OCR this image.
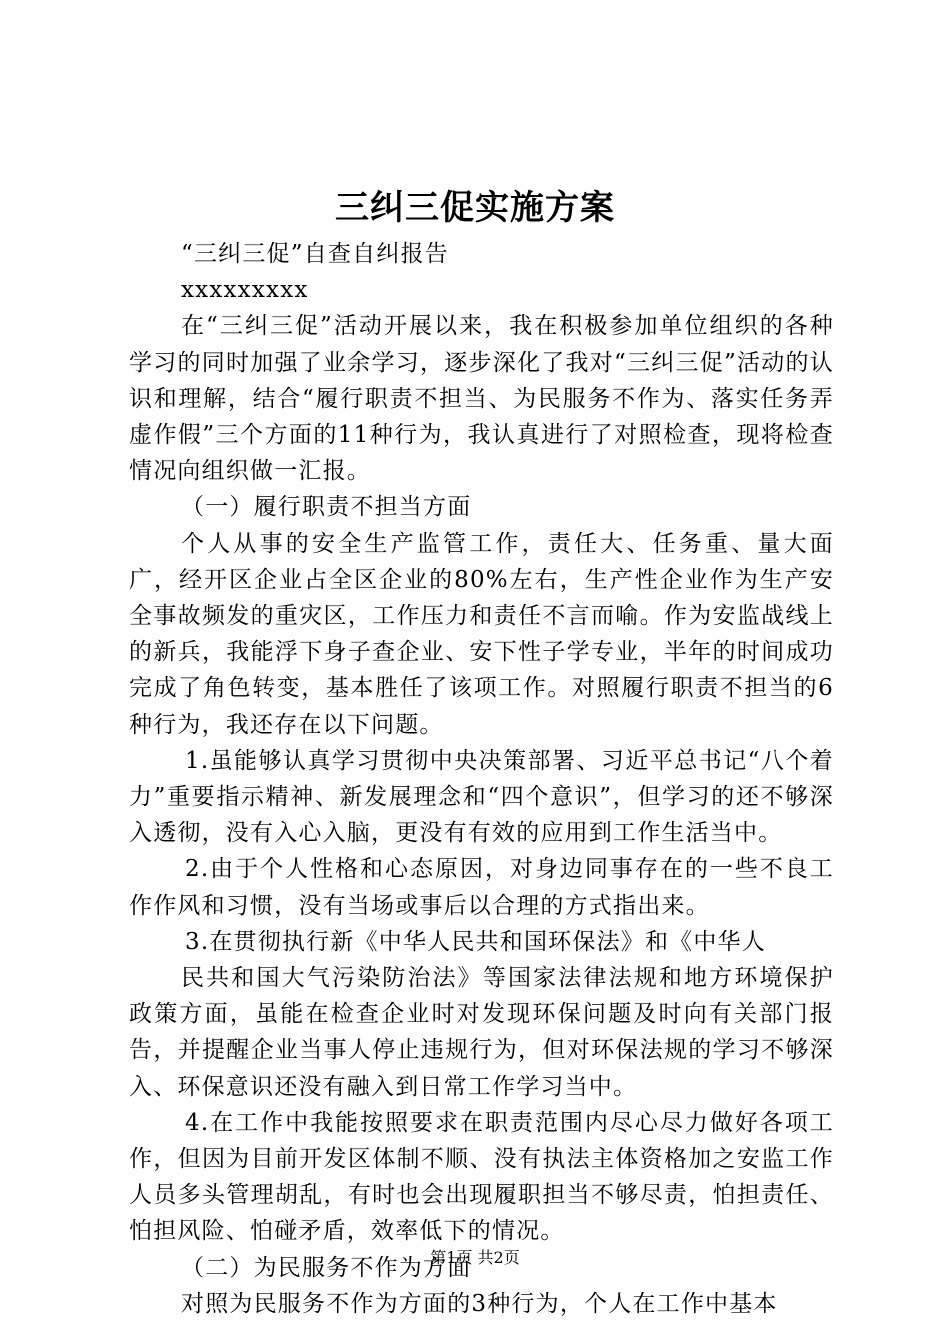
三纠三促实施方案

“三纠三促”自查自纠报告

xxxxxxxxx

在“三纠三促”活动开展以来，我在积极参加单位组织的各种学习的同时加强了业余学习，逐步深化了我对“三纠三促”活动的认识和理解，结合“履行职责不担当、为民服务不作为、落实任务弄虚作假”三个方面的11种行为，我认真进行了对照检查，现将检查情况向组织做一汇报。

（一）履行职责不担当方面

个人从事的安全生产监管工作，责任大、任务重、量大面广，经开区企业占全区企业的80%左右，生产性企业作为生产安全事故频发的重灾区，工作压力和责任不言而喻。作为安监战线上的新兵，我能浮下身子查企业、安下性子学专业，半年的时间成功完成了角色转变，基本胜任了该项工作。对照履行职责不担当的6种行为，我还存在以下问题。

1.虽能够认真学习贯彻中央决策部署、习近平总书记“八个着力”重要指示精神、新发展理念和“四个意识”，但学习的还不够深入透彻，没有入心入脑，更没有有效的应用到工作生活当中。

2.由于个人性格和心态原因，对身边同事存在的一些不良工作作风和习惯，没有当场或事后以合理的方式指出来。

3.在贯彻执行新《中华人民共和国环保法》和《中华人

民共和国大气污染防治法》等国家法律法规和地方环境保护政策方面，虽能在检查企业时对发现环保问题及时向有关部门报告，并提醒企业当事人停止违规行为，但对环保法规的学习不够深入、环保意识还没有融入到日常工作学习当中。

4.在工作中我能按照要求在职责范围内尽心尽力做好各项工作，但因为目前开发区体制不顺、没有执法主体资格加之安监工作人员多头管理胡乱，有时也会出现履职担当不够尽责，怕担责任、怕担风险、怕碰矛盾，效率低下的情况。

（二）为民服务不作为方面

对照为民服务不作为方面的3种行为，个人在工作中基本

第1页 共2页
